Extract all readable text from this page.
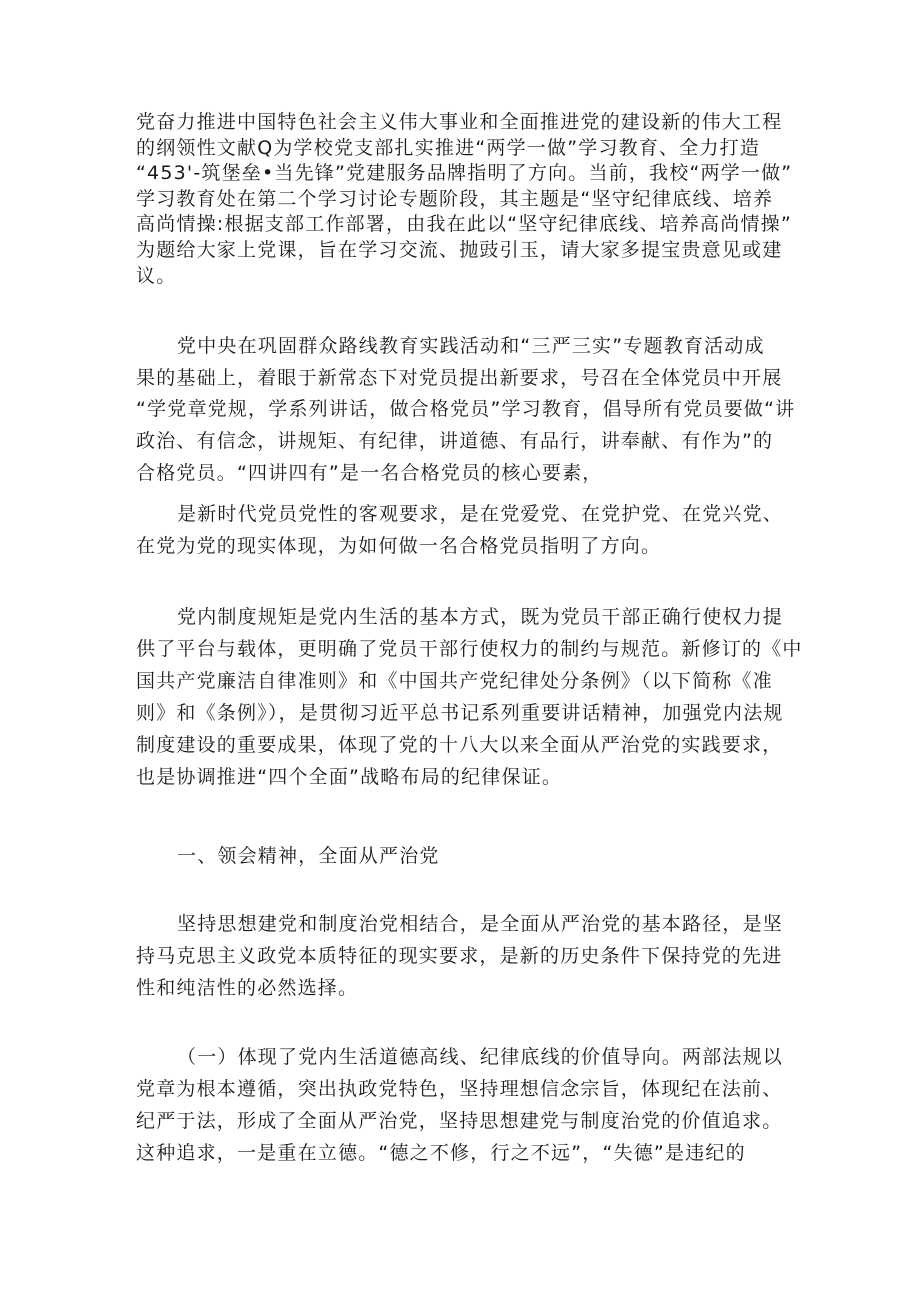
党奋力推进中国特色社会主义伟大事业和全面推进党的建设新的伟大工程
的纲领性文献Q为学校党支部扎实推进“两学一做”学习教育、全力打造
“453'-筑堡垒•当先锋”党建服务品牌指明了方向。当前，我校“两学一做”
学习教育处在第二个学习讨论专题阶段，其主题是“坚守纪律底线、培养
高尚情操:根据支部工作部署，由我在此以“坚守纪律底线、培养高尚情操”
为题给大家上党课，旨在学习交流、抛豉引玉，请大家多提宝贵意见或建
议。
党中央在巩固群众路线教育实践活动和“三严三实”专题教育活动成
果的基础上，着眼于新常态下对党员提出新要求，号召在全体党员中开展
“学党章党规，学系列讲话，做合格党员”学习教育，倡导所有党员要做“讲
政治、有信念，讲规矩、有纪律，讲道德、有品行，讲奉献、有作为”的
合格党员。“四讲四有”是一名合格党员的核心要素，
是新时代党员党性的客观要求，是在党爱党、在党护党、在党兴党、
在党为党的现实体现，为如何做一名合格党员指明了方向。
党内制度规矩是党内生活的基本方式，既为党员干部正确行使权力提
供了平台与载体，更明确了党员干部行使权力的制约与规范。新修订的《中
国共产党廉洁自律准则》和《中国共产党纪律处分条例》（以下简称《准
则》和《条例》），是贯彻习近平总书记系列重要讲话精神，加强党内法规
制度建设的重要成果，体现了党的十八大以来全面从严治党的实践要求，
也是协调推进“四个全面”战略布局的纪律保证。
一、领会精神，全面从严治党
坚持思想建党和制度治党相结合，是全面从严治党的基本路径，是坚
持马克思主义政党本质特征的现实要求，是新的历史条件下保持党的先进
性和纯洁性的必然选择。
（一）体现了党内生活道德高线、纪律底线的价值导向。两部法规以
党章为根本遵循，突出执政党特色，坚持理想信念宗旨，体现纪在法前、
纪严于法，形成了全面从严治党，坚持思想建党与制度治党的价值追求。
这种追求，一是重在立德。“德之不修，行之不远”，“失德”是违纪的
